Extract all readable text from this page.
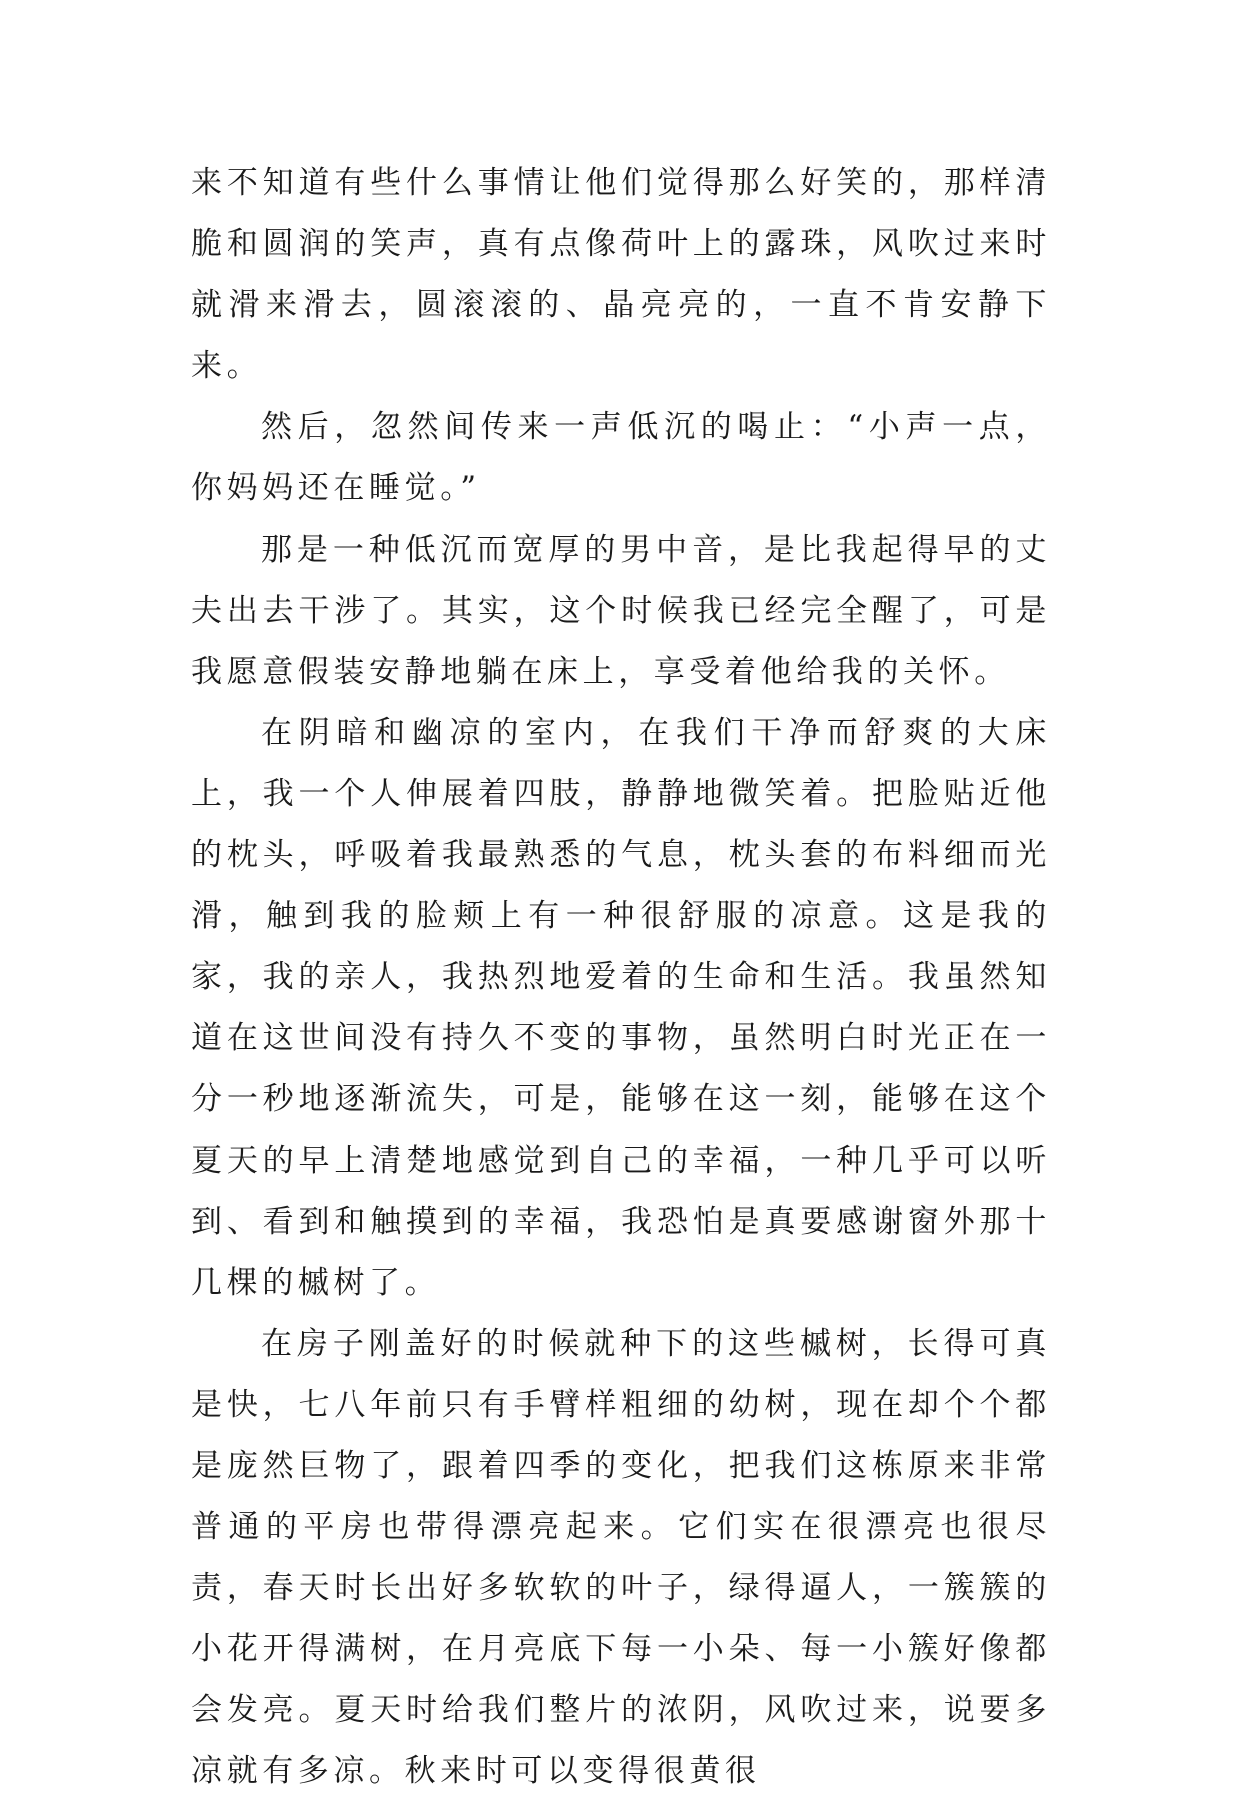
来不知道有些什么事情让他们觉得那么好笑的，那样清脆和圆润的笑声，真有点像荷叶上的露珠，风吹过来时就滑来滑去，圆滚滚的、晶亮亮的，一直不肯安静下来。

然后，忽然间传来一声低沉的喝止：“小声一点，你妈妈还在睡觉。”

那是一种低沉而宽厚的男中音，是比我起得早的丈夫出去干涉了。其实，这个时候我已经完全醒了，可是我愿意假装安静地躺在床上，享受着他给我的关怀。

在阴暗和幽凉的室内，在我们干净而舒爽的大床上，我一个人伸展着四肢，静静地微笑着。把脸贴近他的枕头，呼吸着我最熟悉的气息，枕头套的布料细而光滑，触到我的脸颊上有一种很舒服的凉意。这是我的家，我的亲人，我热烈地爱着的生命和生活。我虽然知道在这世间没有持久不变的事物，虽然明白时光正在一分一秒地逐渐流失，可是，能够在这一刻，能够在这个夏天的早上清楚地感觉到自己的幸福，一种几乎可以听到、看到和触摸到的幸福，我恐怕是真要感谢窗外那十几棵的槭树了。

在房子刚盖好的时候就种下的这些槭树，长得可真是快，七八年前只有手臂样粗细的幼树，现在却个个都是庞然巨物了，跟着四季的变化，把我们这栋原来非常普通的平房也带得漂亮起来。它们实在很漂亮也很尽责，春天时长出好多软软的叶子，绿得逼人，一簇簇的小花开得满树，在月亮底下每一小朵、每一小簇好像都会发亮。夏天时给我们整片的浓阴，风吹过来，说要多凉就有多凉。秋来时可以变得很黄很
